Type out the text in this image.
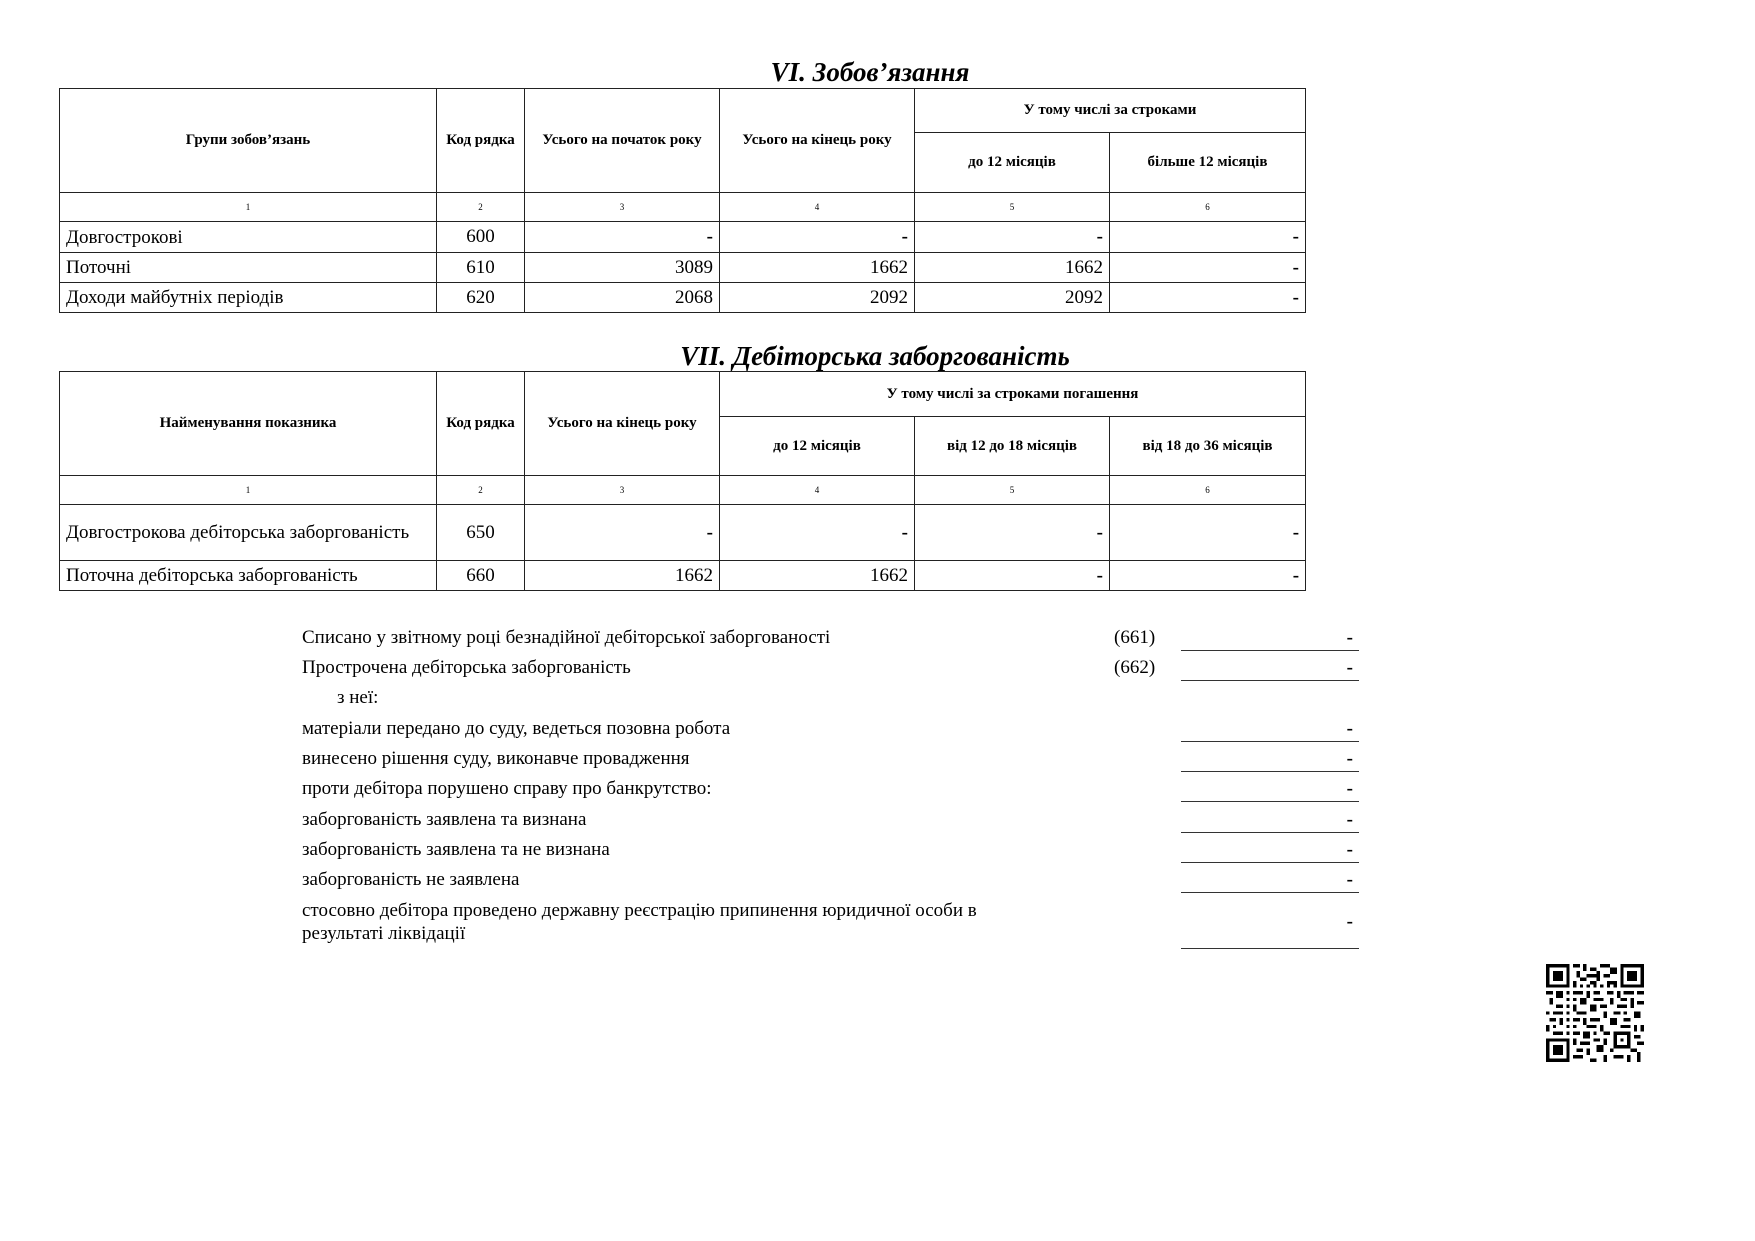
VI. Зобов’язання
Групи зобов’язань	Код рядка	Усього на початок року	Усього на кінець року	У тому числі за строками	
				до 12 місяців	більше 12 місяців
1	2	3	4	5	6
Довгострокові	600	-	-	-	-
Поточні	610	3089	1662	1662	-
Доходи майбутніх періодів	620	2068	2092	2092	-
VII. Дебіторська заборгованість
Найменування показника	Код рядка	Усього на кінець року	У тому числі за строками погашення		
			до 12 місяців	від 12 до 18 місяців	від 18 до 36 місяців
1	2	3	4	5	6
Довгострокова дебіторська заборгованість	650	-	-	-	-
Поточна дебіторська заборгованість	660	1662	1662	-	-
Списано у звітному році безнадійної дебіторської заборгованості	(661)	-
Прострочена дебіторська заборгованість	(662)	-
з неї:
матеріали передано до суду, ведеться позовна робота	-
винесено рішення суду, виконавче провадження	-
проти дебітора порушено справу про банкрутство:	-
заборгованість заявлена та визнана	-
заборгованість заявлена та не визнана	-
заборгованість не заявлена	-
стосовно дебітора проведено державну реєстрацію припинення юридичної особи в
результаті ліквідації
-
